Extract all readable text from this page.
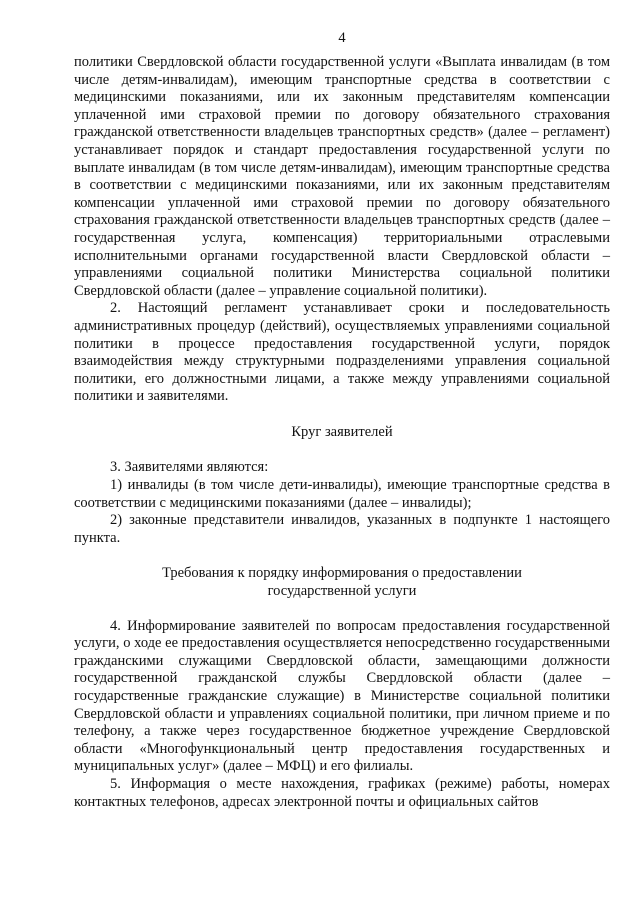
4

политики Свердловской области государственной услуги «Выплата инвалидам (в том числе детям-инвалидам), имеющим транспортные средства в соответствии с медицинскими показаниями, или их законным представителям компенсации уплаченной ими страховой премии по договору обязательного страхования гражданской ответственности владельцев транспортных средств» (далее – регламент) устанавливает порядок и стандарт предоставления государственной услуги по выплате инвалидам (в том числе детям-инвалидам), имеющим транспортные средства в соответствии с медицинскими показаниями, или их законным представителям компенсации уплаченной ими страховой премии по договору обязательного страхования гражданской ответственности владельцев транспортных средств (далее – государственная услуга, компенсация) территориальными отраслевыми исполнительными органами государственной власти Свердловской области – управлениями социальной политики Министерства социальной политики Свердловской области (далее – управление социальной политики).

2. Настоящий регламент устанавливает сроки и последовательность административных процедур (действий), осуществляемых управлениями социальной политики в процессе предоставления государственной услуги, порядок взаимодействия между структурными подразделениями управления социальной политики, его должностными лицами, а также между управлениями социальной политики и заявителями.

Круг заявителей

3. Заявителями являются:

1) инвалиды (в том числе дети-инвалиды), имеющие транспортные средства в соответствии с медицинскими показаниями (далее – инвалиды);

2) законные представители инвалидов, указанных в подпункте 1 настоящего пункта.

Требования к порядку информирования о предоставлении
государственной услуги

4. Информирование заявителей по вопросам предоставления государственной услуги, о ходе ее предоставления осуществляется непосредственно государственными гражданскими служащими Свердловской области, замещающими должности государственной гражданской службы Свердловской области (далее – государственные гражданские служащие) в Министерстве социальной политики Свердловской области и управлениях социальной политики, при личном приеме и по телефону, а также через государственное бюджетное учреждение Свердловской области «Многофункциональный центр предоставления государственных и муниципальных услуг» (далее – МФЦ) и его филиалы.

5. Информация о месте нахождения, графиках (режиме) работы, номерах контактных телефонов, адресах электронной почты и официальных сайтов
